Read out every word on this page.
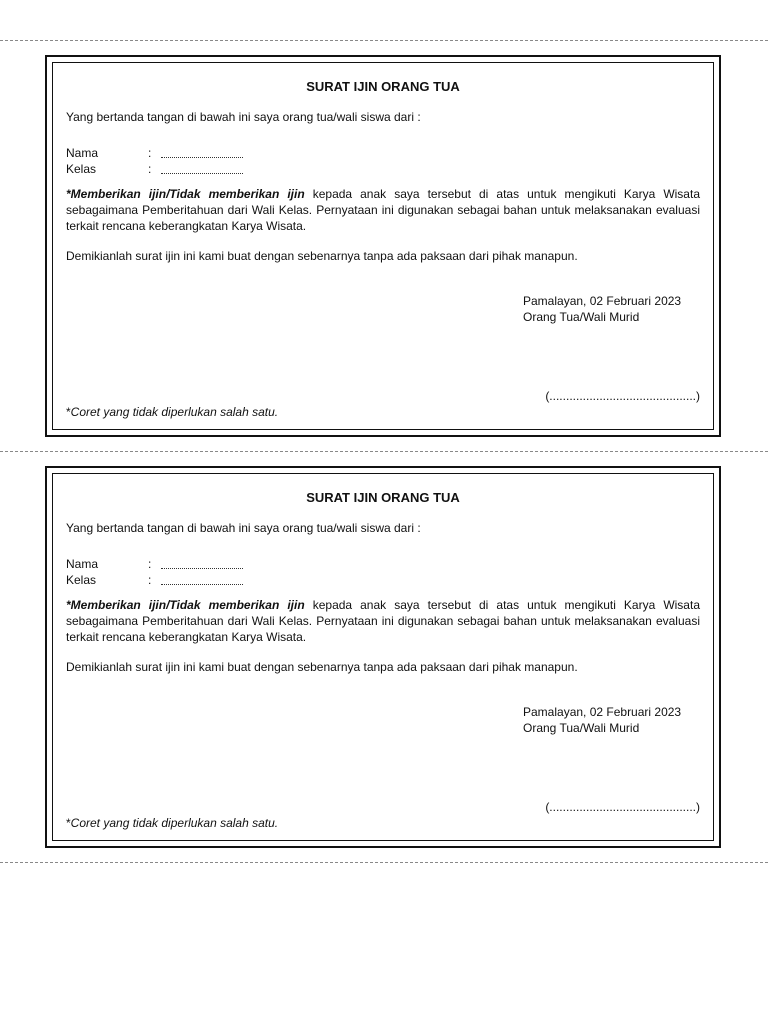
SURAT IJIN ORANG TUA
Yang bertanda tangan di bawah ini saya orang tua/wali siswa dari :
Nama	:
Kelas	:
*Memberikan ijin/Tidak memberikan ijin kepada anak saya tersebut di atas untuk mengikuti Karya Wisata sebagaimana Pemberitahuan dari Wali Kelas. Pernyataan ini digunakan sebagai bahan untuk melaksanakan evaluasi terkait rencana keberangkatan Karya Wisata.
Demikianlah surat ijin ini kami buat dengan sebenarnya tanpa ada paksaan dari pihak manapun.
Pamalayan, 02 Februari 2023
Orang Tua/Wali Murid
(............................................)
*Coret yang tidak diperlukan salah satu.
SURAT IJIN ORANG TUA
Yang bertanda tangan di bawah ini saya orang tua/wali siswa dari :
Nama	:
Kelas	:
*Memberikan ijin/Tidak memberikan ijin kepada anak saya tersebut di atas untuk mengikuti Karya Wisata sebagaimana Pemberitahuan dari Wali Kelas. Pernyataan ini digunakan sebagai bahan untuk melaksanakan evaluasi terkait rencana keberangkatan Karya Wisata.
Demikianlah surat ijin ini kami buat dengan sebenarnya tanpa ada paksaan dari pihak manapun.
Pamalayan, 02 Februari 2023
Orang Tua/Wali Murid
(............................................)
*Coret yang tidak diperlukan salah satu.
